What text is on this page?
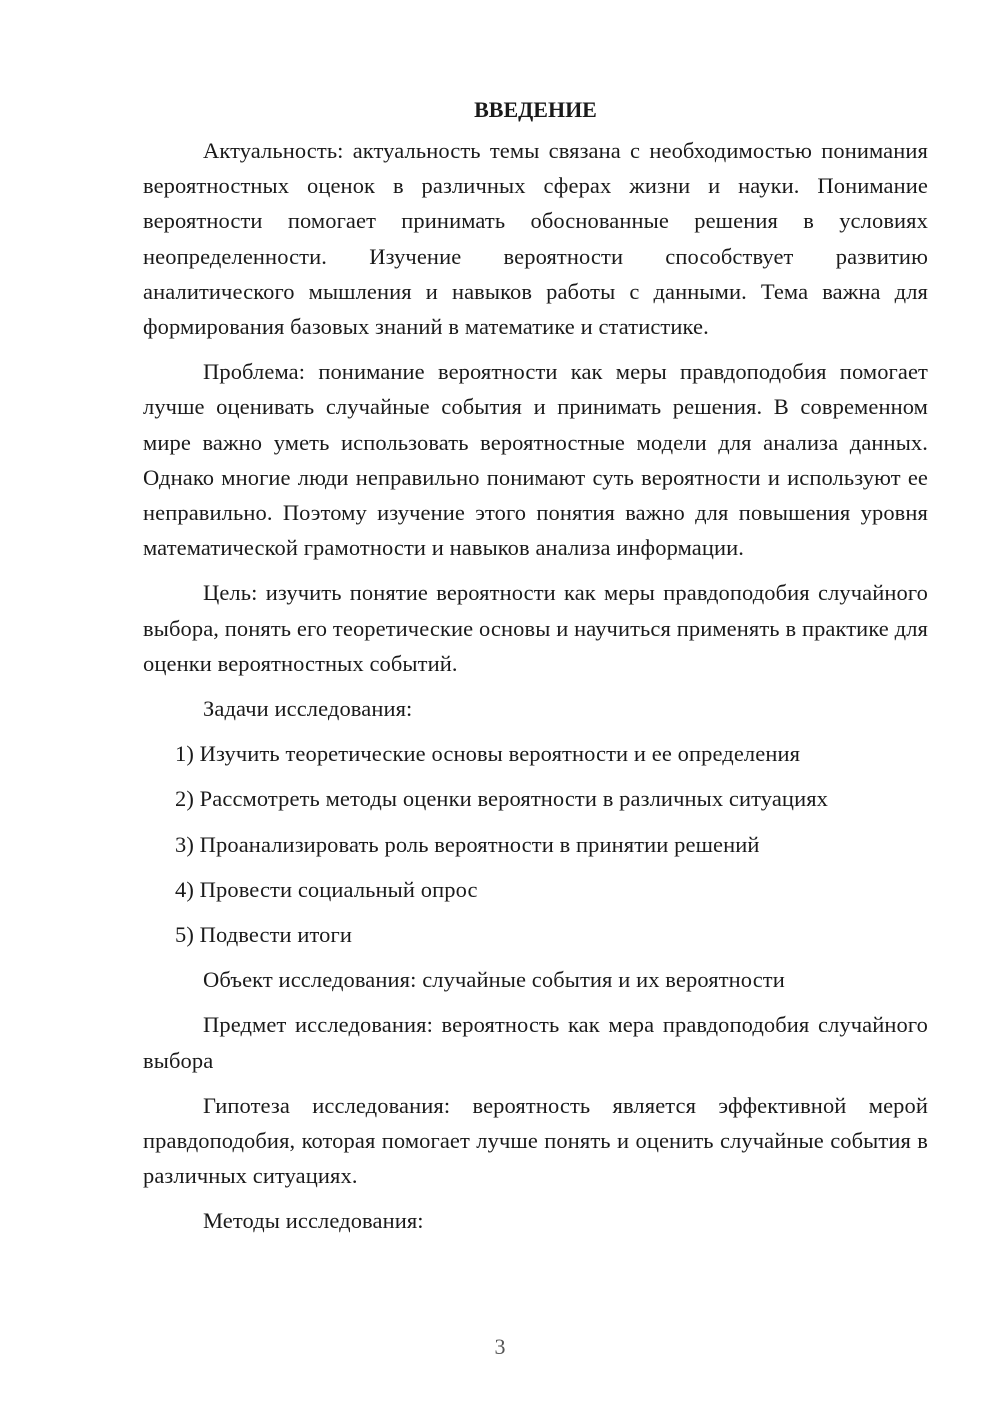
ВВЕДЕНИЕ

Актуальность: актуальность темы связана с необходимостью понимания вероятностных оценок в различных сферах жизни и науки. Понимание вероятности помогает принимать обоснованные решения в условиях неопределенности. Изучение вероятности способствует развитию аналитического мышления и навыков работы с данными. Тема важна для формирования базовых знаний в математике и статистике.

Проблема: понимание вероятности как меры правдоподобия помогает лучше оценивать случайные события и принимать решения. В современном мире важно уметь использовать вероятностные модели для анализа данных. Однако многие люди неправильно понимают суть вероятности и используют ее неправильно. Поэтому изучение этого понятия важно для повышения уровня математической грамотности и навыков анализа информации.

Цель: изучить понятие вероятности как меры правдоподобия случайного выбора, понять его теоретические основы и научиться применять в практике для оценки вероятностных событий.

Задачи исследования:

1) Изучить теоретические основы вероятности и ее определения
2) Рассмотреть методы оценки вероятности в различных ситуациях
3) Проанализировать роль вероятности в принятии решений
4) Провести социальный опрос
5) Подвести итоги

Объект исследования: случайные события и их вероятности

Предмет исследования: вероятность как мера правдоподобия случайного выбора

Гипотеза исследования: вероятность является эффективной мерой правдоподобия, которая помогает лучше понять и оценить случайные события в различных ситуациях.

Методы исследования:

3
